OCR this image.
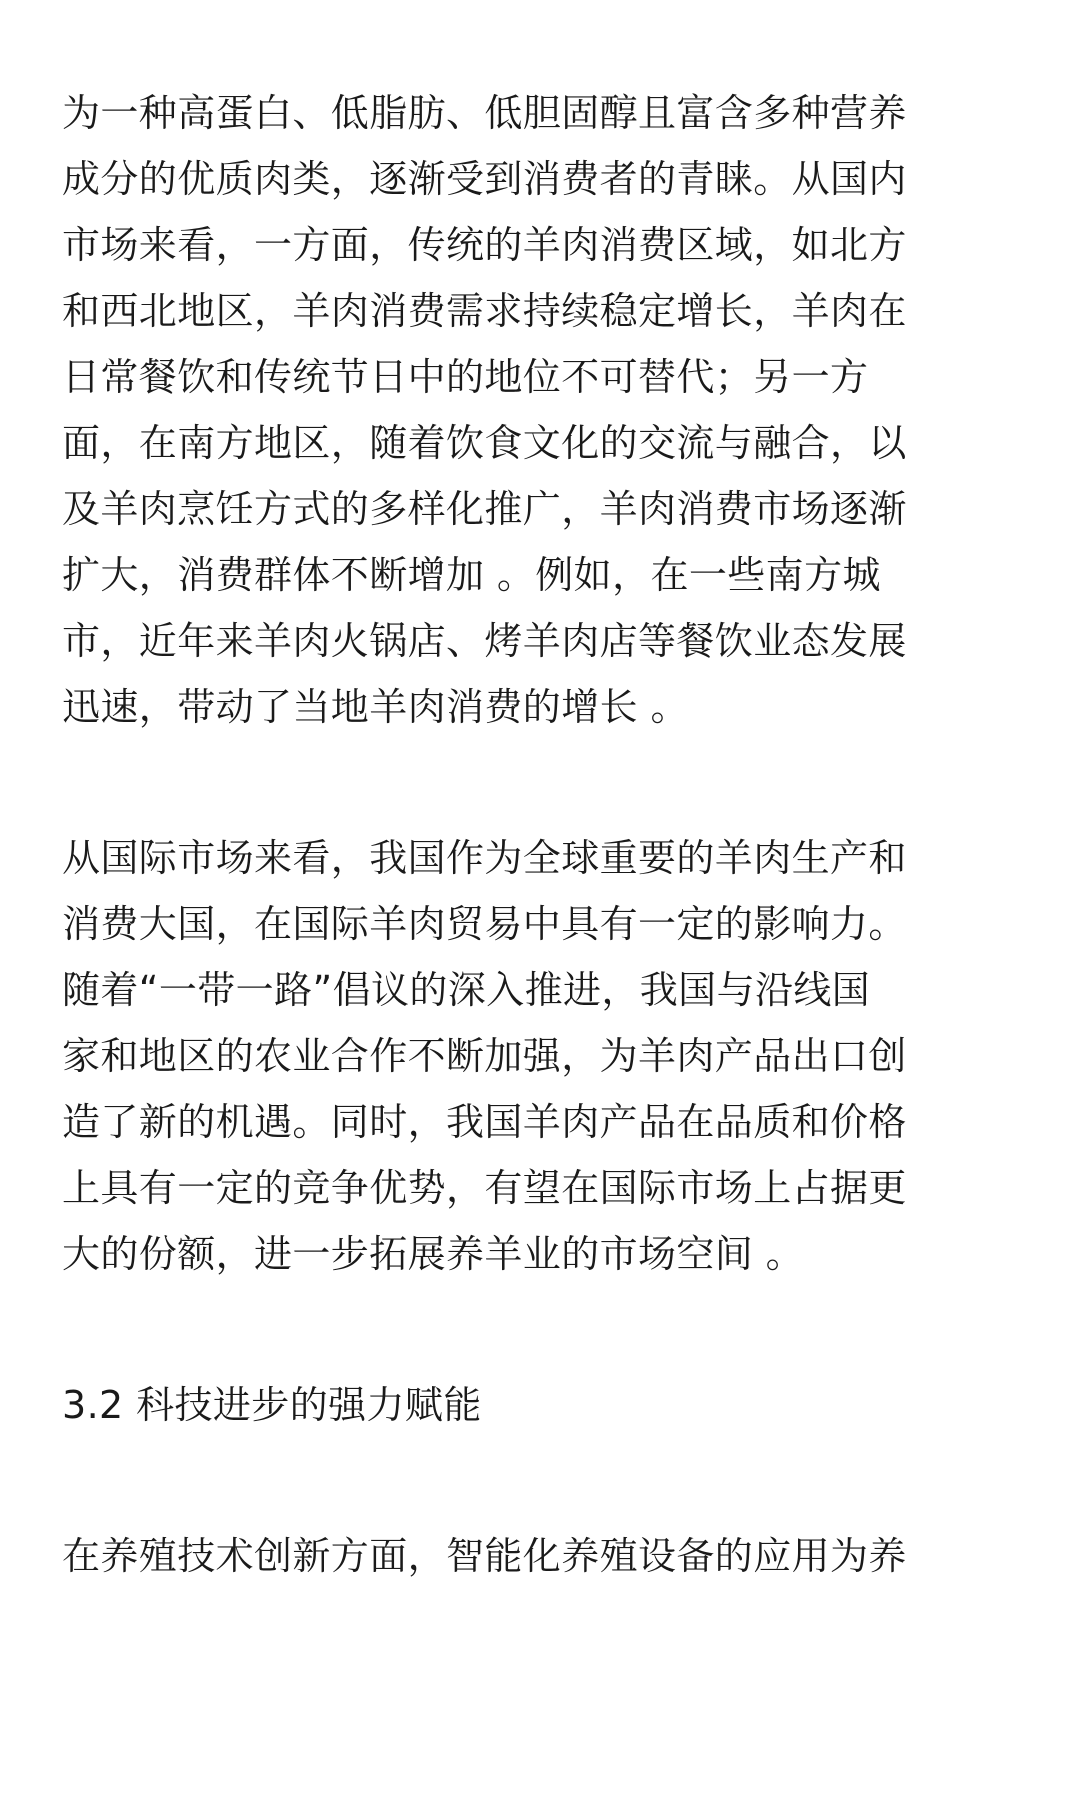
为一种高蛋白、低脂肪、低胆固醇且富含多种营养
成分的优质肉类，逐渐受到消费者的青睐。从国内
市场来看，一方面，传统的羊肉消费区域，如北方
和西北地区，羊肉消费需求持续稳定增长，羊肉在
日常餐饮和传统节日中的地位不可替代；另一方
面，在南方地区，随着饮食文化的交流与融合，以
及羊肉烹饪方式的多样化推广，羊肉消费市场逐渐
扩大，消费群体不断增加 。例如，在一些南方城
市，近年来羊肉火锅店、烤羊肉店等餐饮业态发展
迅速，带动了当地羊肉消费的增长 。
从国际市场来看，我国作为全球重要的羊肉生产和
消费大国，在国际羊肉贸易中具有一定的影响力。
随着“一带一路”倡议的深入推进，我国与沿线国
家和地区的农业合作不断加强，为羊肉产品出口创
造了新的机遇。同时，我国羊肉产品在品质和价格
上具有一定的竞争优势，有望在国际市场上占据更
大的份额，进一步拓展养羊业的市场空间 。
3.2 科技进步的强力赋能
在养殖技术创新方面，智能化养殖设备的应用为养
